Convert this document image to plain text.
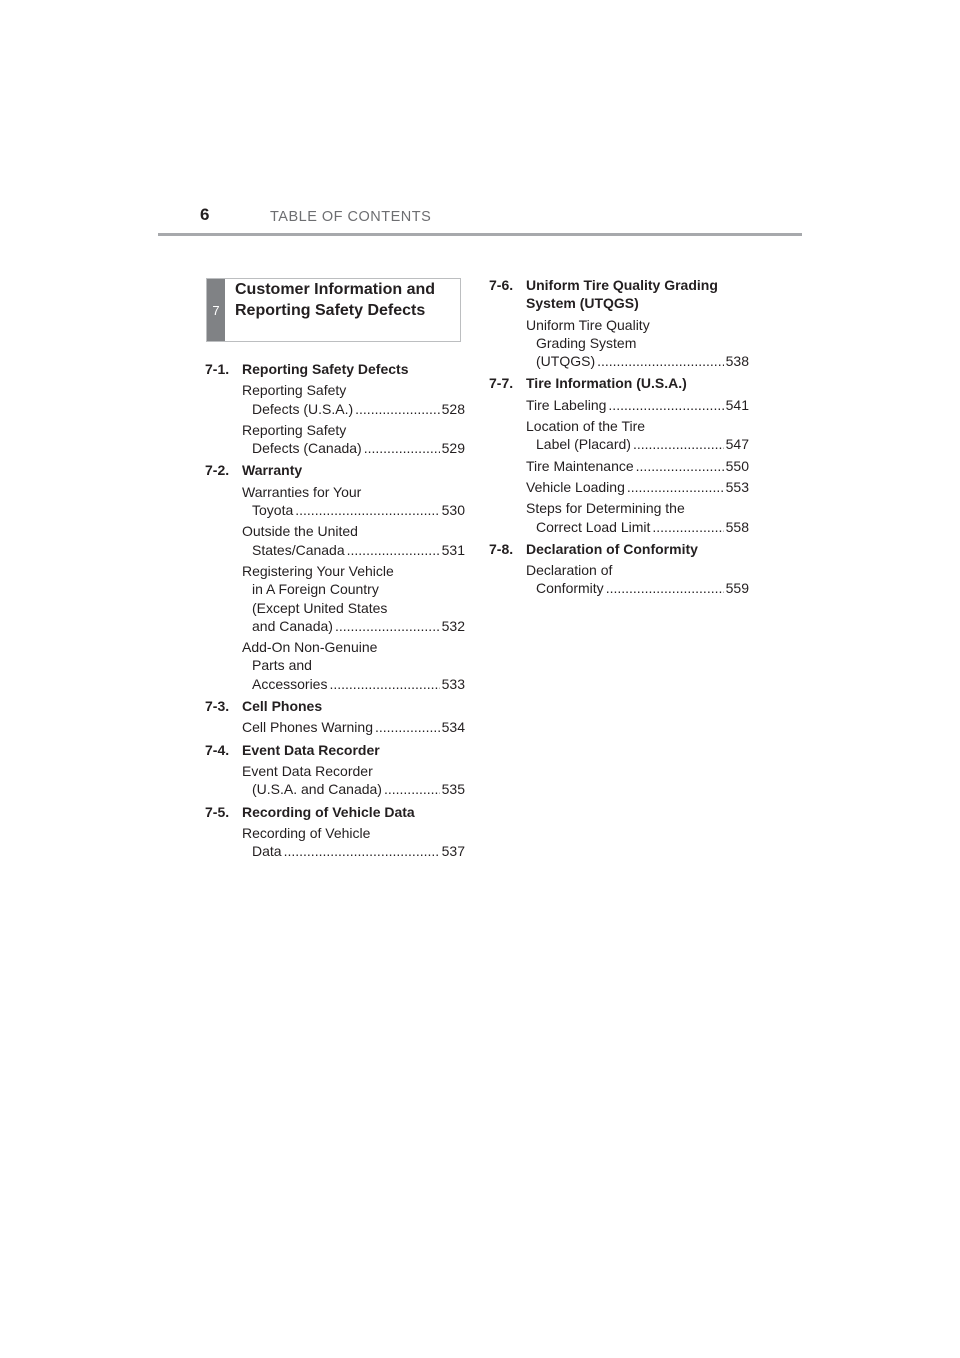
6	TABLE OF CONTENTS
7
Customer Information and Reporting Safety Defects
7-1. Reporting Safety Defects
Reporting Safety
Defects (U.S.A.) .....	528
Reporting Safety
Defects (Canada) .....	529
7-2. Warranty
Warranties for Your
Toyota .....	530
Outside the United
States/Canada .....	531
Registering Your Vehicle
in A Foreign Country
(Except United States
and Canada) .....	532
Add-On Non-Genuine
Parts and
Accessories .....	533
7-3. Cell Phones
Cell Phones Warning .....	534
7-4. Event Data Recorder
Event Data Recorder
(U.S.A. and Canada) .....	535
7-5. Recording of Vehicle Data
Recording of Vehicle
Data .....	537
7-6. Uniform Tire Quality Grading
System (UTQGS)
Uniform Tire Quality
Grading System
(UTQGS) .....	538
7-7. Tire Information (U.S.A.)
Tire Labeling .....	541
Location of the Tire
Label (Placard) .....	547
Tire Maintenance .....	550
Vehicle Loading .....	553
Steps for Determining the
Correct Load Limit .....	558
7-8. Declaration of Conformity
Declaration of
Conformity .....	559
